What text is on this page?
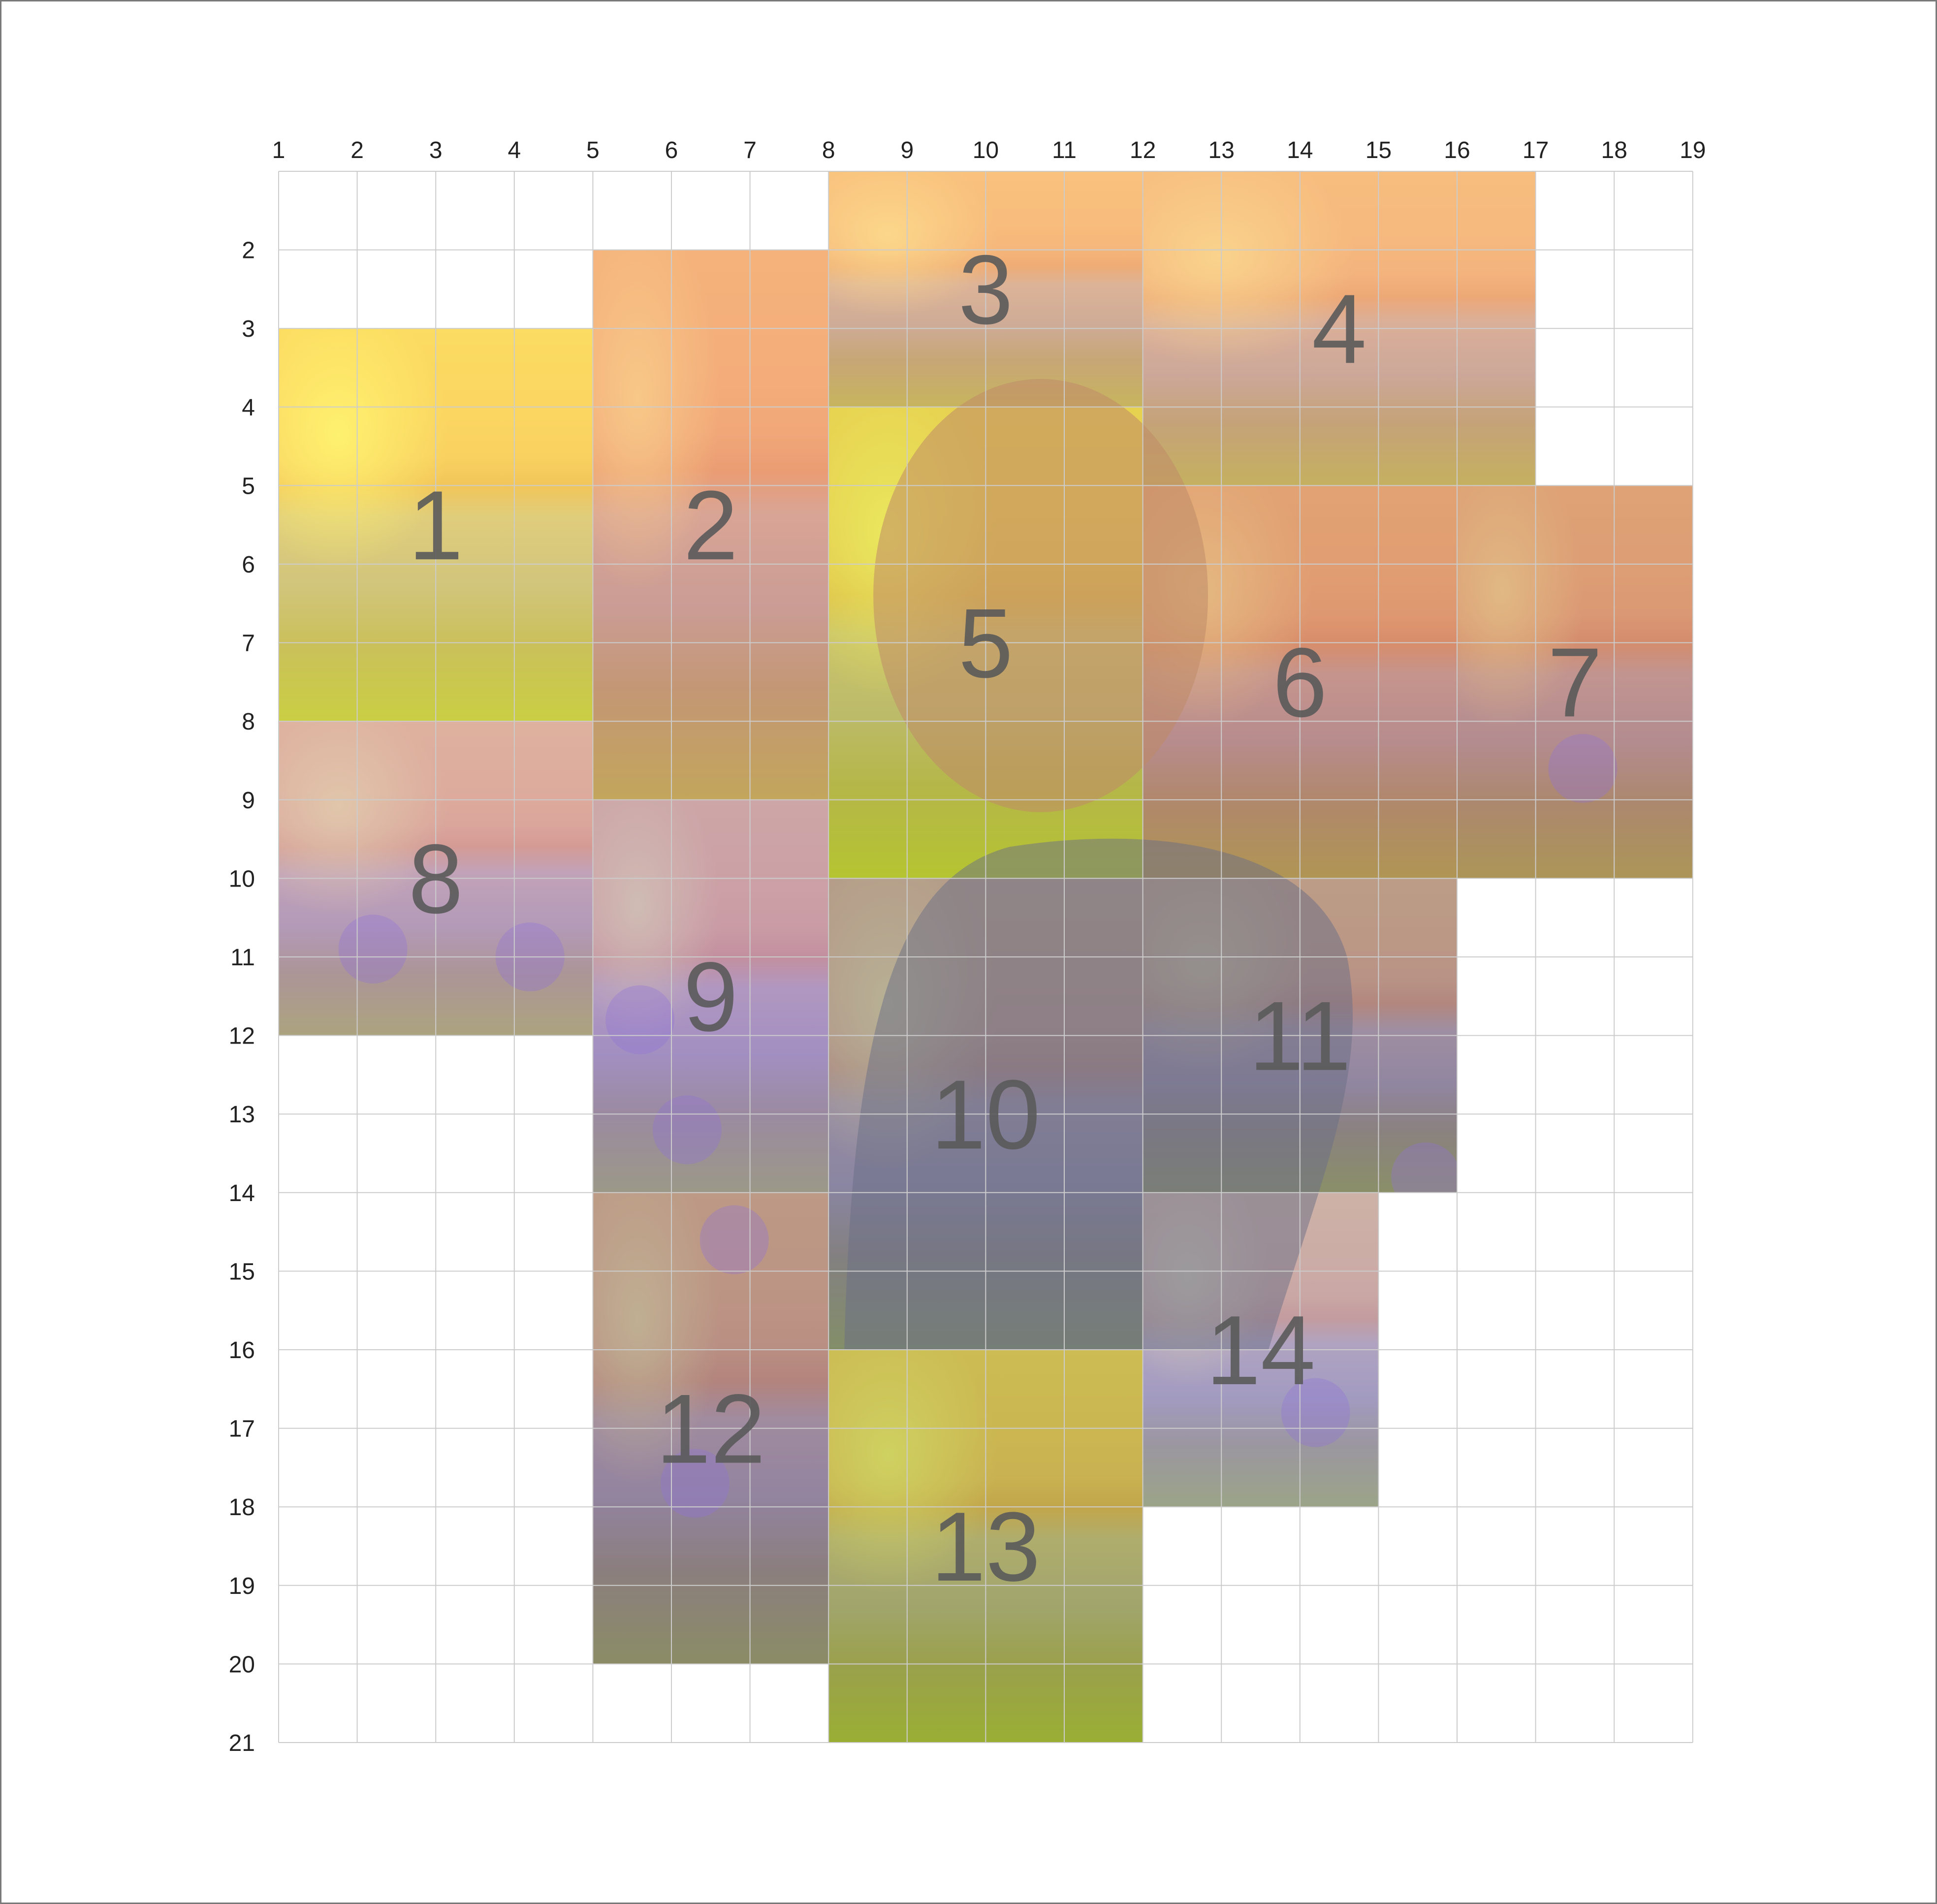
1	2	3	4	5	6	7	8	9 10 11 12 13 14 15 16 17 18 19
2
3
4
5
6
7
8
9
10
11
12
13
14
15
16
17
18
19
20
21
1 2
3	4
5	6 7
8
9
10
11
12
13
14
